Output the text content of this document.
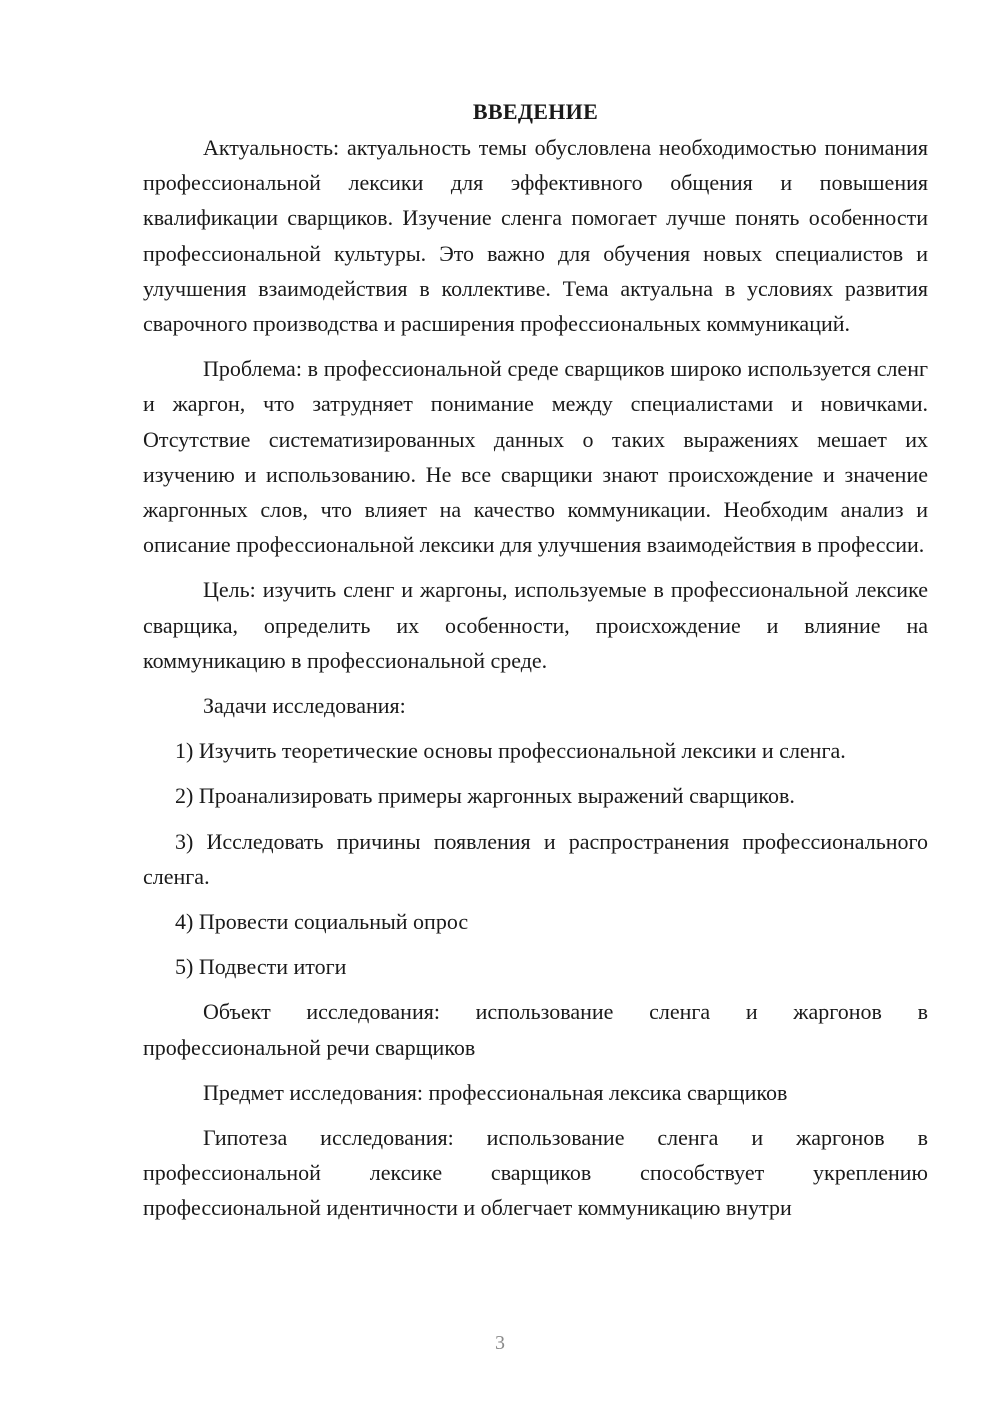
ВВЕДЕНИЕ

Актуальность: актуальность темы обусловлена необходимостью понимания профессиональной лексики для эффективного общения и повышения квалификации сварщиков. Изучение сленга помогает лучше понять особенности профессиональной культуры. Это важно для обучения новых специалистов и улучшения взаимодействия в коллективе. Тема актуальна в условиях развития сварочного производства и расширения профессиональных коммуникаций.

Проблема: в профессиональной среде сварщиков широко используется сленг и жаргон, что затрудняет понимание между специалистами и новичками. Отсутствие систематизированных данных о таких выражениях мешает их изучению и использованию. Не все сварщики знают происхождение и значение жаргонных слов, что влияет на качество коммуникации. Необходим анализ и описание профессиональной лексики для улучшения взаимодействия в профессии.

Цель: изучить сленг и жаргоны, используемые в профессиональной лексике сварщика, определить их особенности, происхождение и влияние на коммуникацию в профессиональной среде.

Задачи исследования:

1) Изучить теоретические основы профессиональной лексики и сленга.

2) Проанализировать примеры жаргонных выражений сварщиков.

3) Исследовать причины появления и распространения профессионального сленга.

4) Провести социальный опрос

5) Подвести итоги

Объект исследования: использование сленга и жаргонов в профессиональной речи сварщиков

Предмет исследования: профессиональная лексика сварщиков

Гипотеза исследования: использование сленга и жаргонов в профессиональной лексике сварщиков способствует укреплению профессиональной идентичности и облегчает коммуникацию внутри

3
